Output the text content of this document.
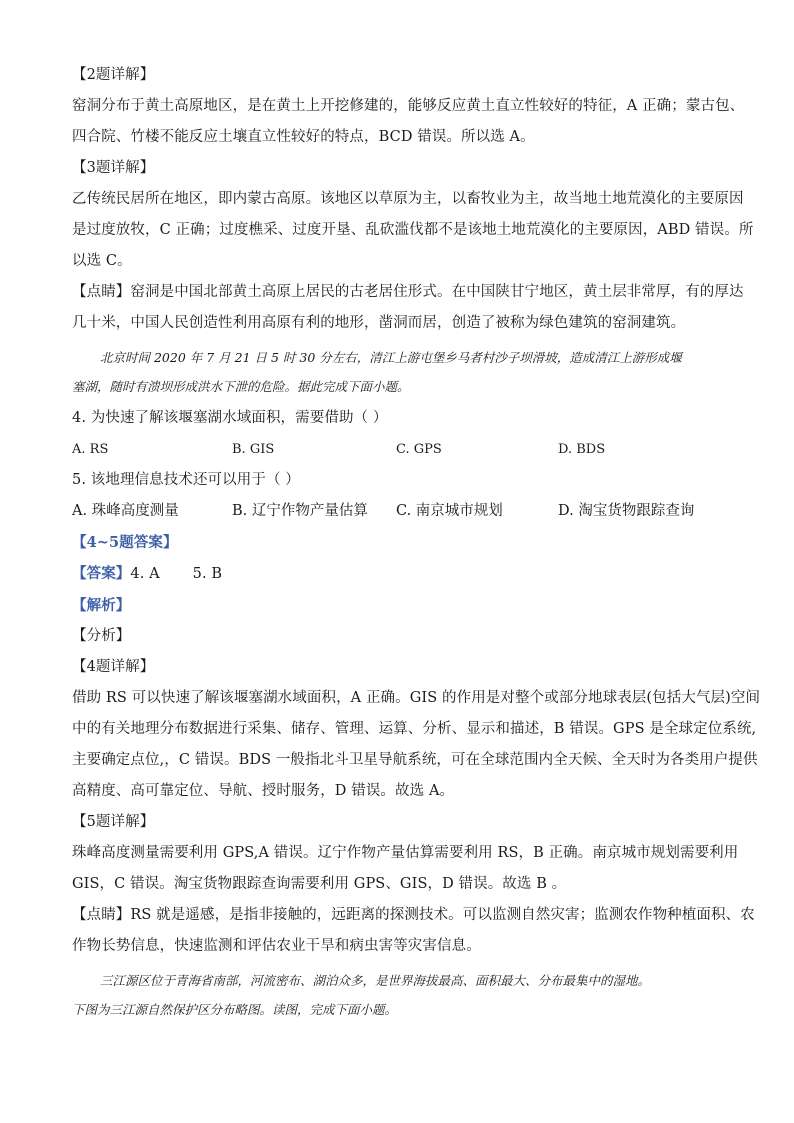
【2题详解】
窑洞分布于黄土高原地区，是在黄土上开挖修建的，能够反应黄土直立性较好的特征，A 正确；蒙古包、
四合院、竹楼不能反应土壤直立性较好的特点，BCD 错误。所以选 A。
【3题详解】
乙传统民居所在地区，即内蒙古高原。该地区以草原为主，以畜牧业为主，故当地土地荒漠化的主要原因
是过度放牧，C 正确；过度樵采、过度开垦、乱砍滥伐都不是该地土地荒漠化的主要原因，ABD 错误。所
以选 C。
【点睛】窑洞是中国北部黄土高原上居民的古老居住形式。在中国陕甘宁地区，黄土层非常厚，有的厚达
几十米，中国人民创造性利用高原有利的地形，凿洞而居，创造了被称为绿色建筑的窑洞建筑。
北京时间 2020 年 7 月 21 日 5 时 30 分左右，清江上游屯堡乡马者村沙子坝滑坡，造成清江上游形成堰
塞湖，随时有溃坝形成洪水下泄的危险。据此完成下面小题。
4. 为快速了解该堰塞湖水域面积，需要借助（ ）
A. RS	B. GIS	C. GPS	D. BDS
5. 该地理信息技术还可以用于（ ）
A. 珠峰高度测量	B. 辽宁作物产量估算	C. 南京城市规划	D. 淘宝货物跟踪查询
【4~5题答案】
【答案】4. A       5. B
【解析】
【分析】
【4题详解】
借助 RS 可以快速了解该堰塞湖水域面积，A 正确。GIS 的作用是对整个或部分地球表层(包括大气层)空间
中的有关地理分布数据进行采集、储存、管理、运算、分析、显示和描述，B 错误。GPS 是全球定位系统,
主要确定点位,，C 错误。BDS 一般指北斗卫星导航系统，可在全球范围内全天候、全天时为各类用户提供
高精度、高可靠定位、导航、授时服务，D 错误。故选 A。
【5题详解】
珠峰高度测量需要利用 GPS,A 错误。辽宁作物产量估算需要利用 RS，B 正确。南京城市规划需要利用
GIS，C 错误。淘宝货物跟踪查询需要利用 GPS、GIS，D 错误。故选 B 。
【点睛】RS 就是遥感，是指非接触的，远距离的探测技术。可以监测自然灾害；监测农作物种植面积、农
作物长势信息，快速监测和评估农业干旱和病虫害等灾害信息。
三江源区位于青海省南部，河流密布、湖泊众多，是世界海拔最高、面积最大、分布最集中的湿地。
下图为三江源自然保护区分布略图。读图，完成下面小题。
